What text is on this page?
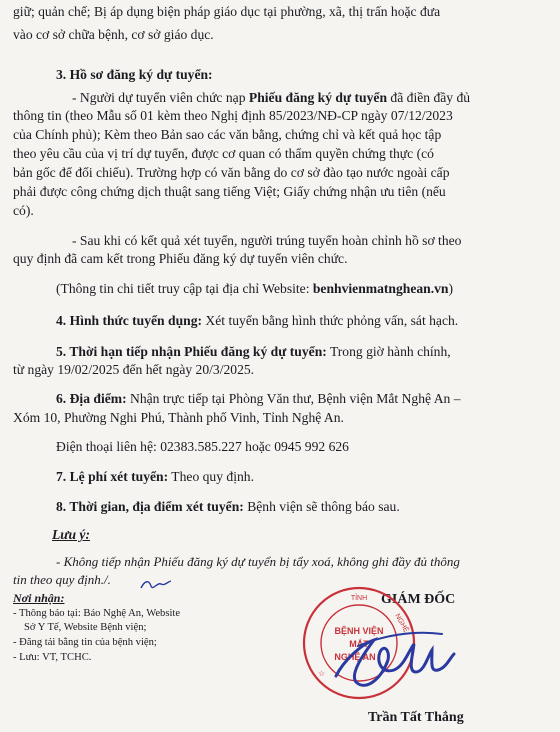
giữ; quản chế; Bị áp dụng biện pháp giáo dục tại phường, xã, thị trấn hoặc đưa
vào cơ sở chữa bệnh, cơ sở giáo dục.
3. Hồ sơ đăng ký dự tuyển:
- Người dự tuyển viên chức nạp Phiếu đăng ký dự tuyển đã điền đầy đủ
thông tin (theo Mẫu số 01 kèm theo Nghị định 85/2023/NĐ-CP ngày 07/12/2023
của Chính phủ); Kèm theo Bản sao các văn bằng, chứng chỉ và kết quả học tập
theo yêu cầu của vị trí dự tuyển, được cơ quan có thẩm quyền chứng thực (có
bản gốc để đối chiếu). Trường hợp có văn bằng do cơ sở đào tạo nước ngoài cấp
phải được công chứng dịch thuật sang tiếng Việt; Giấy chứng nhận ưu tiên (nếu
có).
- Sau khi có kết quả xét tuyển, người trúng tuyển hoàn chỉnh hồ sơ theo
quy định đã cam kết trong Phiếu đăng ký dự tuyển viên chức.
(Thông tin chi tiết truy cập tại địa chỉ Website: benhvienmatnghean.vn)
4. Hình thức tuyển dụng: Xét tuyển bằng hình thức phỏng vấn, sát hạch.
5. Thời hạn tiếp nhận Phiếu đăng ký dự tuyển: Trong giờ hành chính,
từ ngày 19/02/2025 đến hết ngày 20/3/2025.
6. Địa điểm: Nhận trực tiếp tại Phòng Văn thư, Bệnh viện Mắt Nghệ An –
Xóm 10, Phường Nghi Phú, Thành phố Vinh, Tỉnh Nghệ An.
Điện thoại liên hệ: 02383.585.227 hoặc 0945 992 626
7. Lệ phí xét tuyển: Theo quy định.
8. Thời gian, địa điểm xét tuyển: Bệnh viện sẽ thông báo sau.
Lưu ý:
- Không tiếp nhận Phiếu đăng ký dự tuyển bị tẩy xoá, không ghi đầy đủ thông
tin theo quy định./.
Nơi nhận:
- Thông báo tại: Báo Nghệ An, Website
Sở Y Tế, Website Bệnh viện;
- Đăng tải bằng tin của bệnh viện;
- Lưu: VT, TCHC.
GIÁM ĐỐC
TỈNH
NGHỆ
BỆNH VIỆN
MẮT
NGHỆ AN
☆
Trần Tất Thắng
